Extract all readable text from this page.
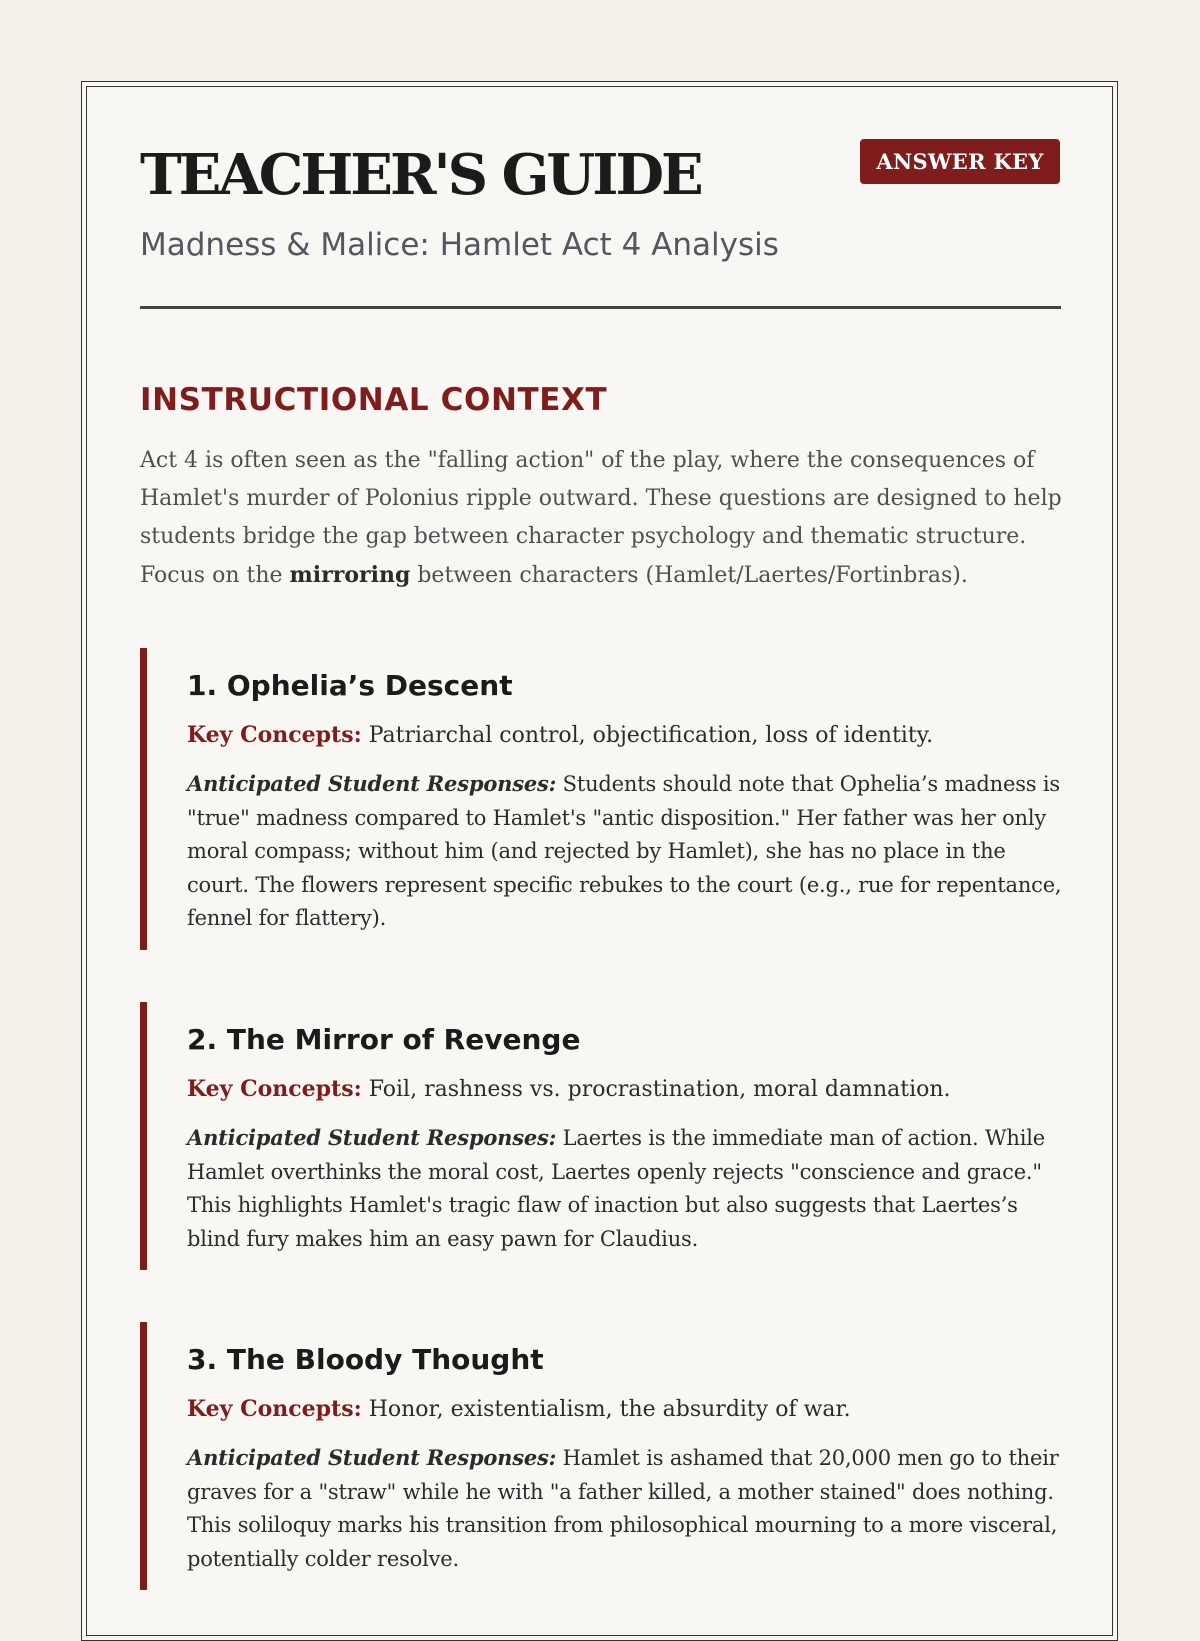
TEACHER'S GUIDE	ANSWER KEY
Madness & Malice: Hamlet Act 4 Analysis
INSTRUCTIONAL CONTEXT

Act 4 is often seen as the "falling action" of the play, where the consequences of Hamlet's murder of Polonius ripple outward. These questions are designed to help students bridge the gap between character psychology and thematic structure. Focus on the mirroring between characters (Hamlet/Laertes/Fortinbras).

1. Ophelia’s Descent

Key Concepts: Patriarchal control, objectification, loss of identity.

Anticipated Student Responses: Students should note that Ophelia’s madness is "true" madness compared to Hamlet's "antic disposition." Her father was her only moral compass; without him (and rejected by Hamlet), she has no place in the court. The flowers represent specific rebukes to the court (e.g., rue for repentance, fennel for flattery).

2. The Mirror of Revenge

Key Concepts: Foil, rashness vs. procrastination, moral damnation.

Anticipated Student Responses: Laertes is the immediate man of action. While Hamlet overthinks the moral cost, Laertes openly rejects "conscience and grace." This highlights Hamlet's tragic flaw of inaction but also suggests that Laertes’s blind fury makes him an easy pawn for Claudius.

3. The Bloody Thought

Key Concepts: Honor, existentialism, the absurdity of war.

Anticipated Student Responses: Hamlet is ashamed that 20,000 men go to their graves for a "straw" while he with "a father killed, a mother stained" does nothing. This soliloquy marks his transition from philosophical mourning to a more visceral, potentially colder resolve.
